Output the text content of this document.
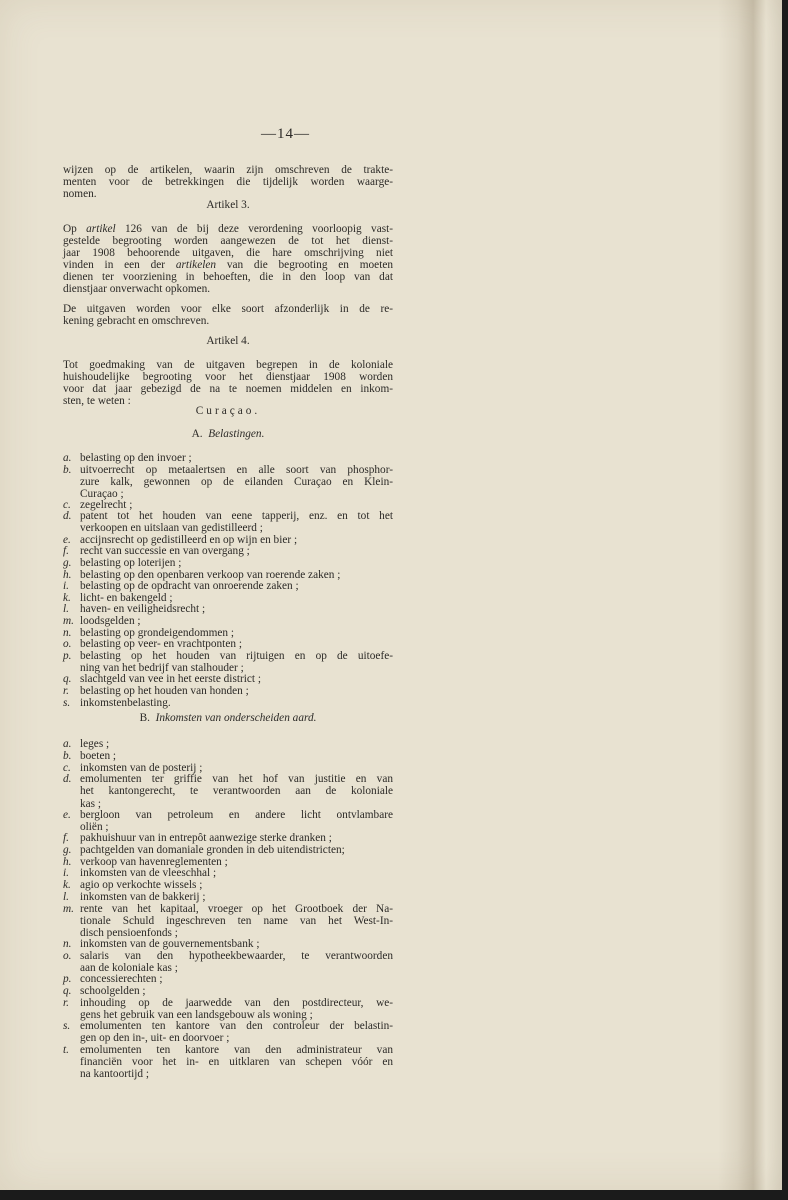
—14—
wijzen op de artikelen, waarin zijn omschreven de trakte-
menten voor de betrekkingen die tijdelijk worden waarge-
nomen.
Artikel 3.
Op artikel 126 van de bij deze verordening voorloopig vast-
gestelde begrooting worden aangewezen de tot het dienst-
jaar 1908 behoorende uitgaven, die hare omschrijving niet
vinden in een der artikelen van die begrooting en moeten
dienen ter voorziening in behoeften, die in den loop van dat
dienstjaar onverwacht opkomen.
De uitgaven worden voor elke soort afzonderlijk in de re-
kening gebracht en omschreven.
Artikel 4.
Tot goedmaking van de uitgaven begrepen in de koloniale
huishoudelijke begrooting voor het dienstjaar 1908 worden
voor dat jaar gebezigd de na te noemen middelen en inkom-
sten, te weten :
Curaçao.
A. Belastingen.
a. belasting op den invoer ;
b. uitvoerrecht op metaalertsen en alle soort van phosphor-
zure kalk, gewonnen op de eilanden Curaçao en Klein-
Curaçao ;
c. zegelrecht ;
d. patent tot het houden van eene tapperij, enz. en tot het
verkoopen en uitslaan van gedistilleerd ;
e. accijnsrecht op gedistilleerd en op wijn en bier ;
f. recht van successie en van overgang ;
g. belasting op loterijen ;
h. belasting op den openbaren verkoop van roerende zaken ;
i. belasting op de opdracht van onroerende zaken ;
k. licht- en bakengeld ;
l. haven- en veiligheidsrecht ;
m. loodsgelden ;
n. belasting op grondeigendommen ;
o. belasting op veer- en vrachtponten ;
p. belasting op het houden van rijtuigen en op de uitoefe-
ning van het bedrijf van stalhouder ;
q. slachtgeld van vee in het eerste district ;
r. belasting op het houden van honden ;
s. inkomstenbelasting.
B. Inkomsten van onderscheiden aard.
a. leges ;
b. boeten ;
c. inkomsten van de posterij ;
d. emolumenten ter griffie van het hof van justitie en van
het kantongerecht, te verantwoorden aan de koloniale
kas ;
e. bergloon van petroleum en andere licht ontvlambare
oliën ;
f. pakhuishuur van in entrepôt aanwezige sterke dranken ;
g. pachtgelden van domaniale gronden in deb uitendistricten;
h. verkoop van havenreglementen ;
i. inkomsten van de vleeschhal ;
k. agio op verkochte wissels ;
l. inkomsten van de bakkerij ;
m. rente van het kapitaal, vroeger op het Grootboek der Na-
tionale Schuld ingeschreven ten name van het West-In-
disch pensioenfonds ;
n. inkomsten van de gouvernementsbank ;
o. salaris van den hypotheekbewaarder, te verantwoorden
aan de koloniale kas ;
p. concessierechten ;
q. schoolgelden ;
r. inhouding op de jaarwedde van den postdirecteur, we-
gens het gebruik van een landsgebouw als woning ;
s. emolumenten ten kantore van den controleur der belastin-
gen op den in-, uit- en doorvoer ;
t. emolumenten ten kantore van den administrateur van
financiën voor het in- en uitklaren van schepen vóór en
na kantoortijd ;
